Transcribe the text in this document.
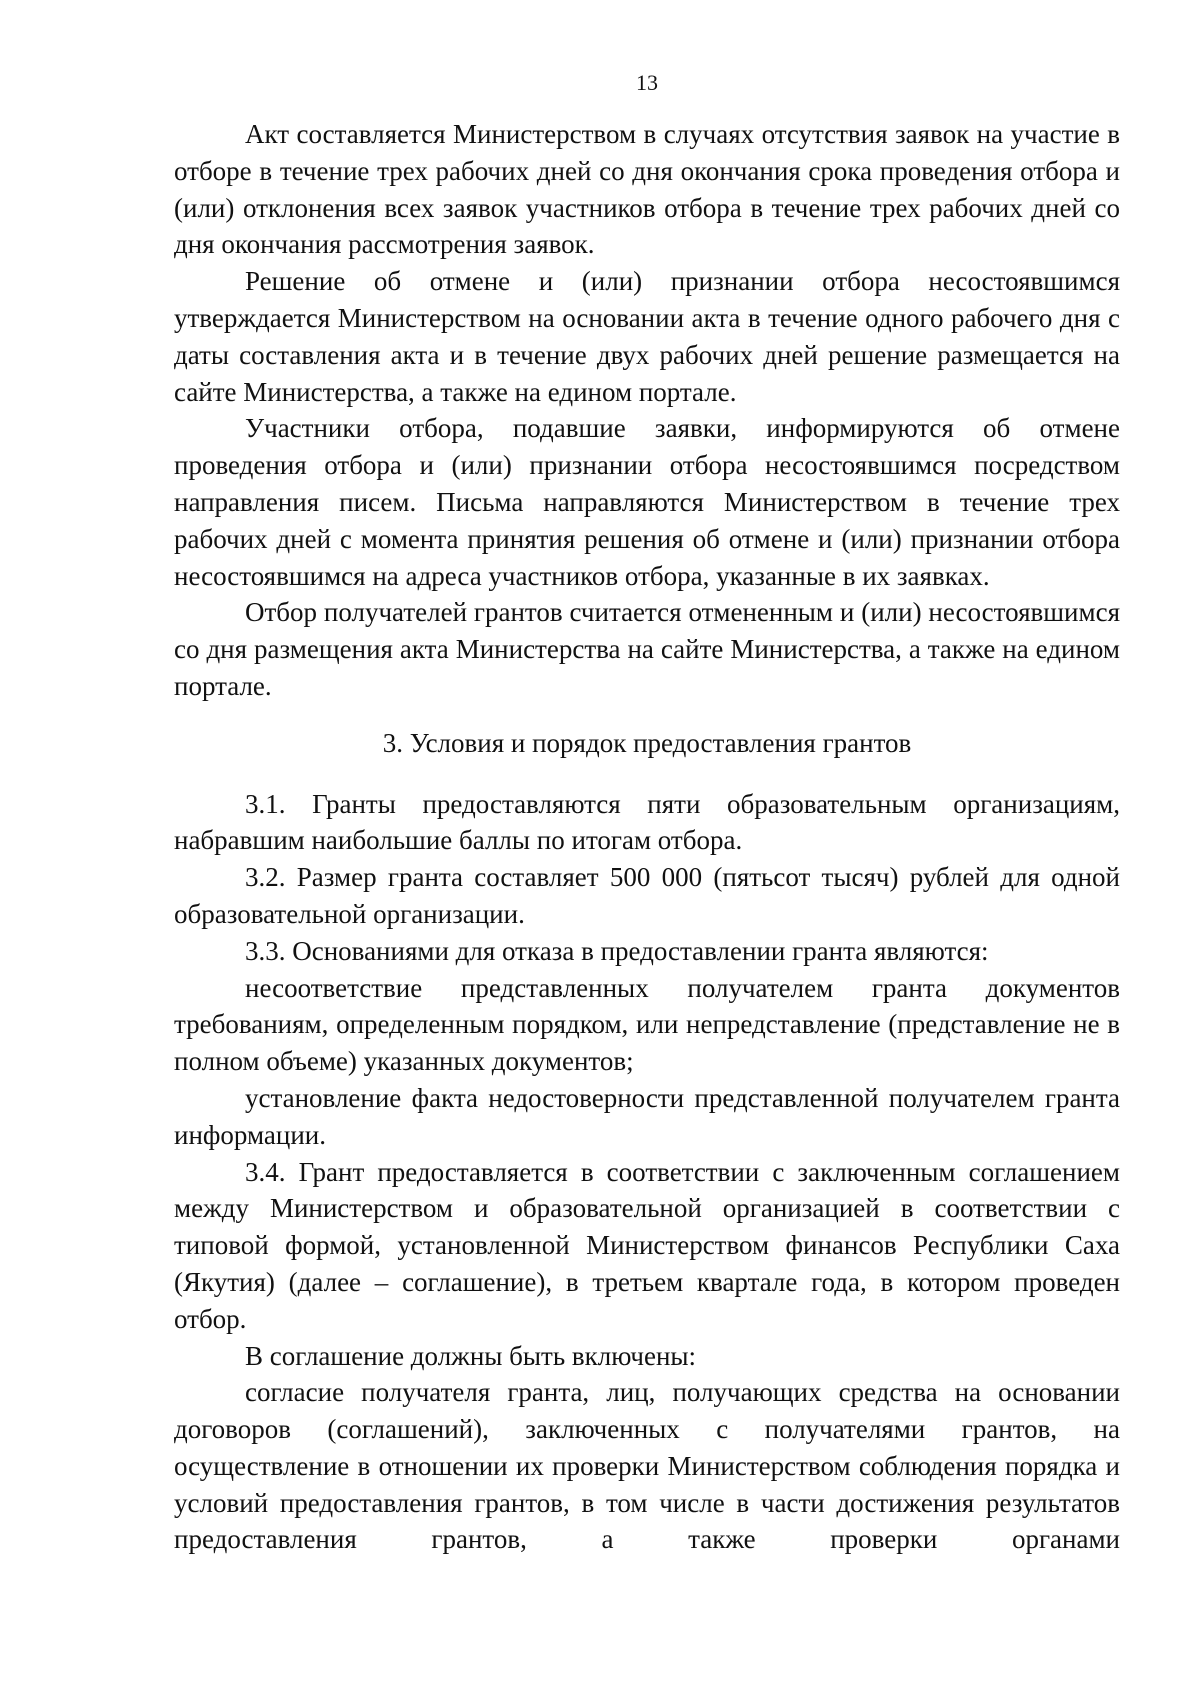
13

Акт составляется Министерством в случаях отсутствия заявок на участие в отборе в течение трех рабочих дней со дня окончания срока проведения отбора и (или) отклонения всех заявок участников отбора в течение трех рабочих дней со дня окончания рассмотрения заявок.

Решение об отмене и (или) признании отбора несостоявшимся утверждается Министерством на основании акта в течение одного рабочего дня с даты составления акта и в течение двух рабочих дней решение размещается на сайте Министерства, а также на едином портале.

Участники отбора, подавшие заявки, информируются об отмене проведения отбора и (или) признании отбора несостоявшимся посредством направления писем. Письма направляются Министерством в течение трех рабочих дней с момента принятия решения об отмене и (или) признании отбора несостоявшимся на адреса участников отбора, указанные в их заявках.

Отбор получателей грантов считается отмененным и (или) несостоявшимся со дня размещения акта Министерства на сайте Министерства, а также на едином портале.

3. Условия и порядок предоставления грантов

3.1. Гранты предоставляются пяти образовательным организациям, набравшим наибольшие баллы по итогам отбора.

3.2. Размер гранта составляет 500 000 (пятьсот тысяч) рублей для одной образовательной организации.

3.3. Основаниями для отказа в предоставлении гранта являются:

несоответствие представленных получателем гранта документов требованиям, определенным порядком, или непредставление (представление не в полном объеме) указанных документов;

установление факта недостоверности представленной получателем гранта информации.

3.4. Грант предоставляется в соответствии с заключенным соглашением между Министерством и образовательной организацией в соответствии с типовой формой, установленной Министерством финансов Республики Саха (Якутия) (далее – соглашение), в третьем квартале года, в котором проведен отбор.

В соглашение должны быть включены:

согласие получателя гранта, лиц, получающих средства на основании договоров (соглашений), заключенных с получателями грантов, на осуществление в отношении их проверки Министерством соблюдения порядка и условий предоставления грантов, в том числе в части достижения результатов предоставления грантов, а также проверки органами
